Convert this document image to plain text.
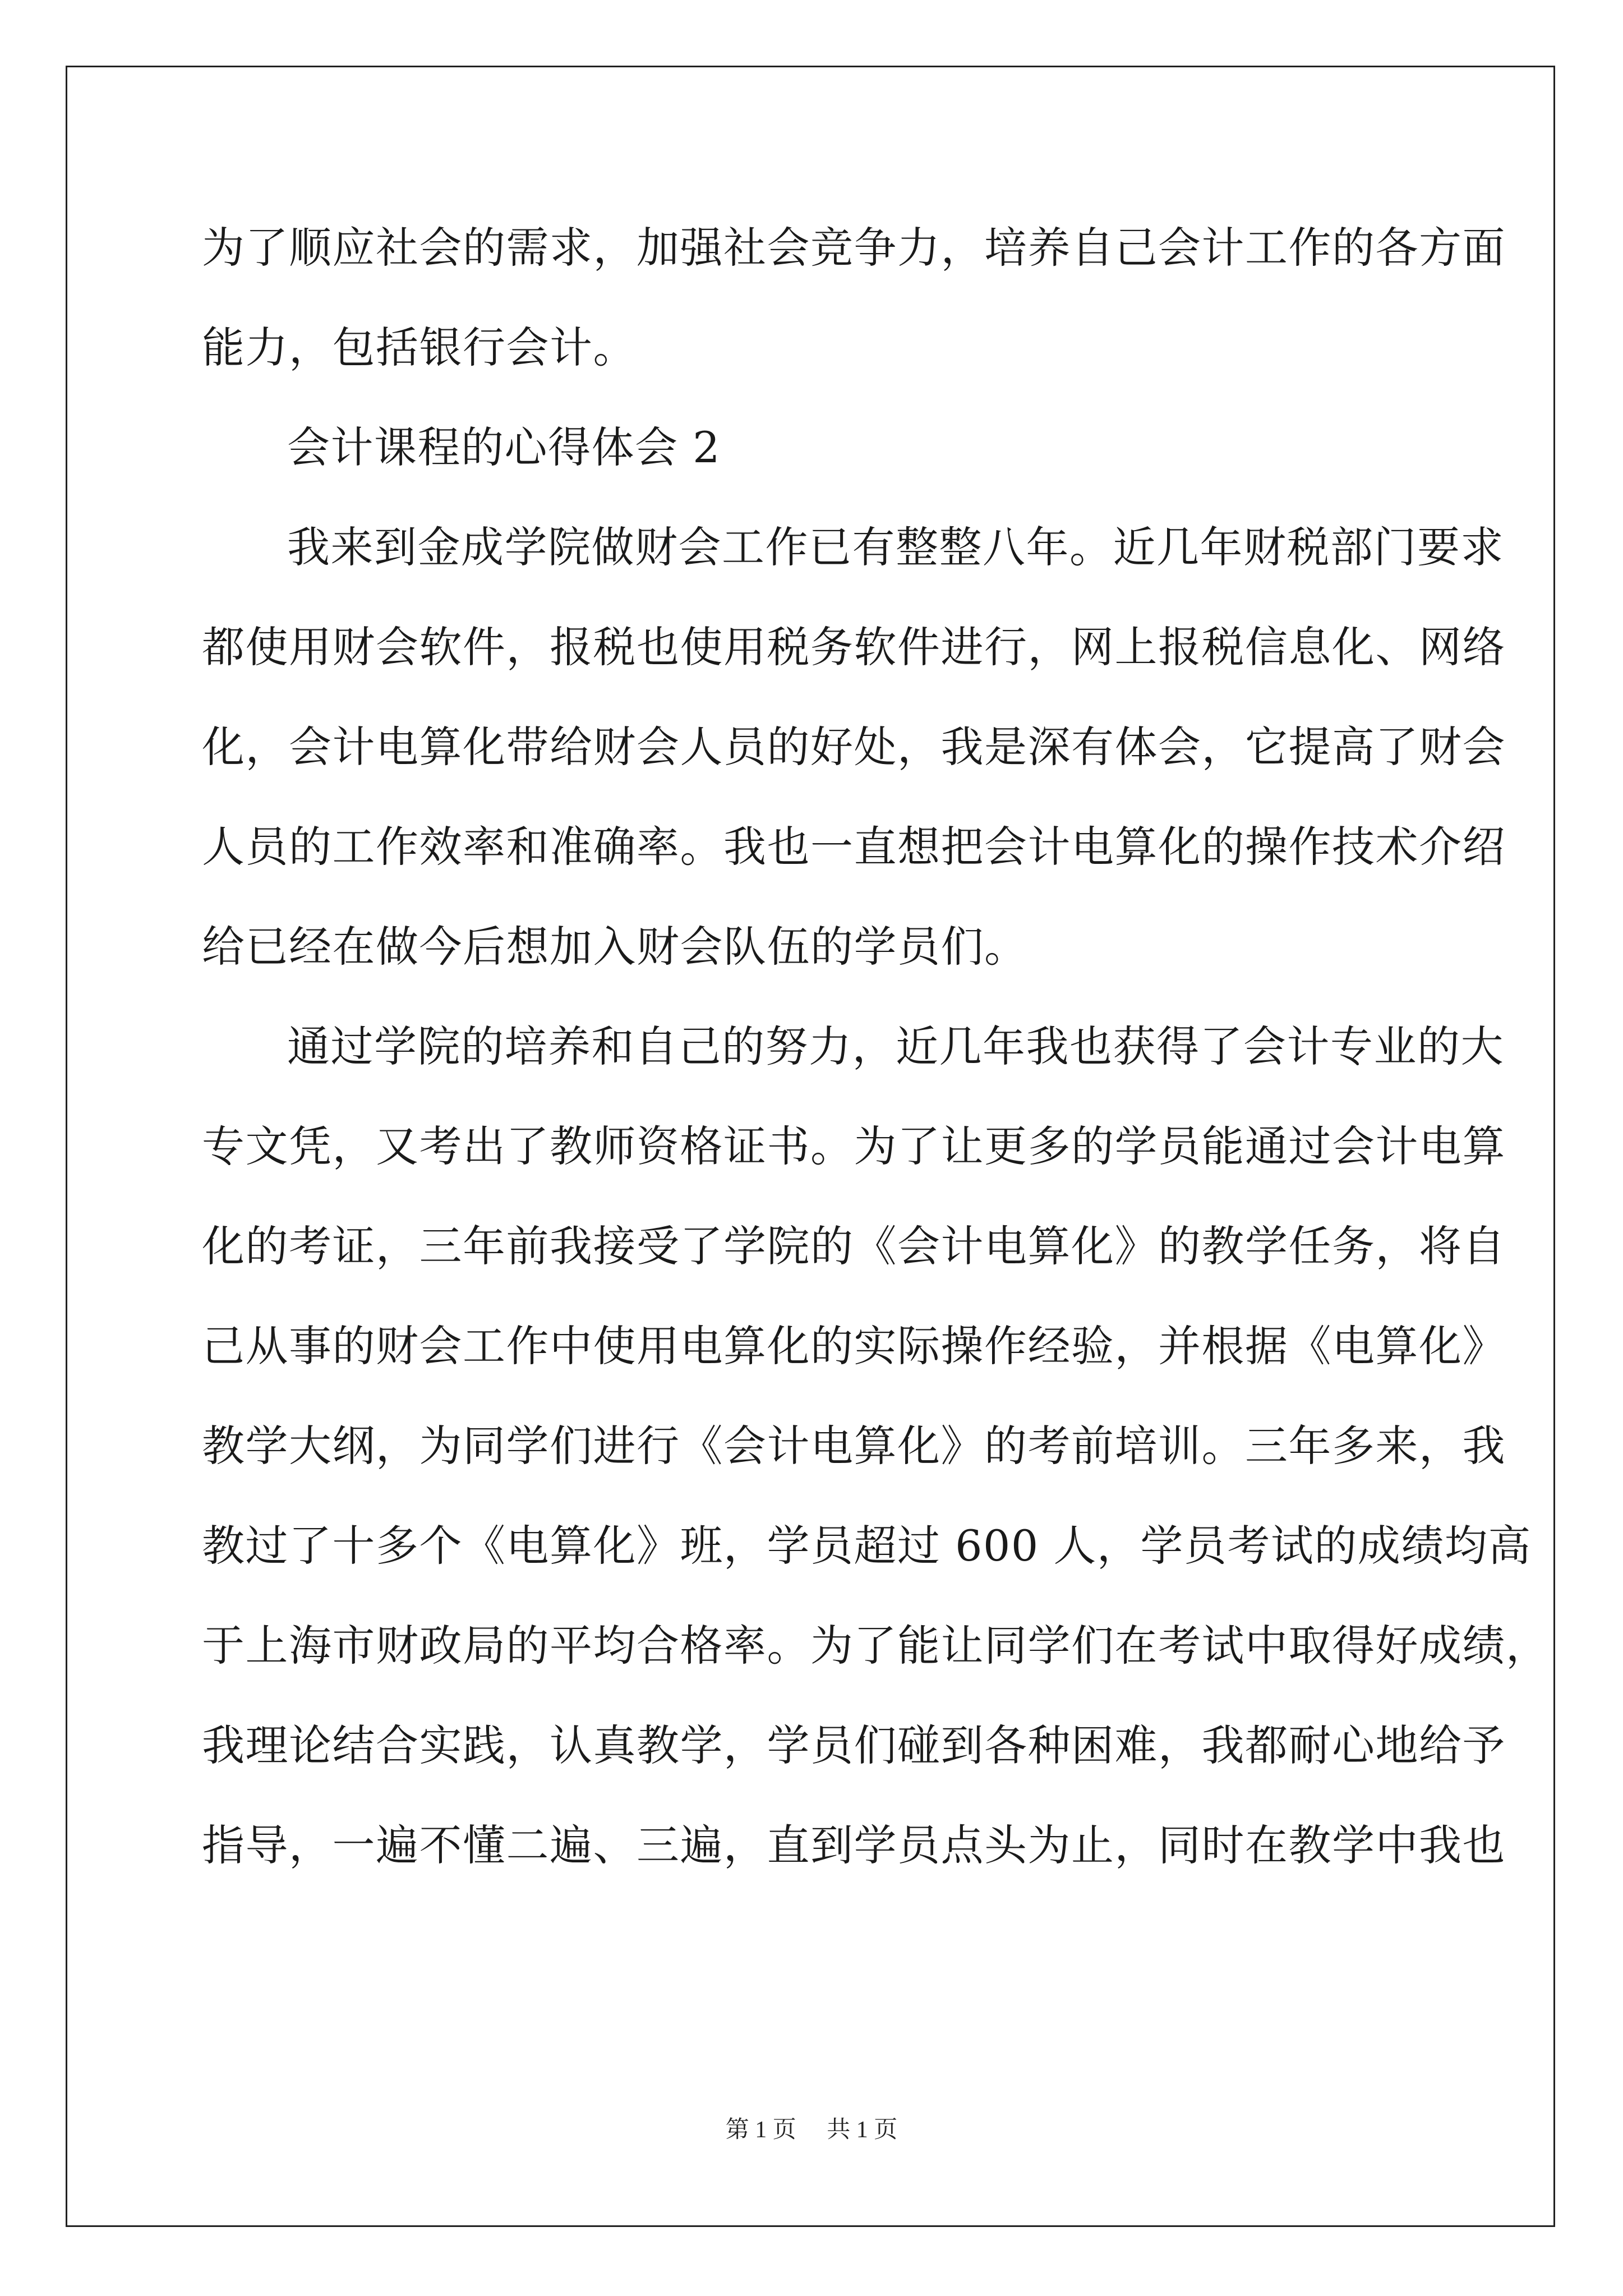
为了顺应社会的需求，加强社会竞争力，培养自己会计工作的各方面
能力，包括银行会计。
会计课程的心得体会 2
我来到金成学院做财会工作已有整整八年。近几年财税部门要求
都使用财会软件，报税也使用税务软件进行，网上报税信息化、网络
化，会计电算化带给财会人员的好处，我是深有体会，它提高了财会
人员的工作效率和准确率。我也一直想把会计电算化的操作技术介绍
给已经在做今后想加入财会队伍的学员们。
通过学院的培养和自己的努力，近几年我也获得了会计专业的大
专文凭，又考出了教师资格证书。为了让更多的学员能通过会计电算
化的考证，三年前我接受了学院的《会计电算化》的教学任务，将自
己从事的财会工作中使用电算化的实际操作经验，并根据《电算化》
教学大纲，为同学们进行《会计电算化》的考前培训。三年多来，我
教过了十多个《电算化》班，学员超过 600 人，学员考试的成绩均高
于上海市财政局的平均合格率。为了能让同学们在考试中取得好成绩，
我理论结合实践，认真教学，学员们碰到各种困难，我都耐心地给予
指导，一遍不懂二遍、三遍，直到学员点头为止，同时在教学中我也
第 1 页 共 1 页
